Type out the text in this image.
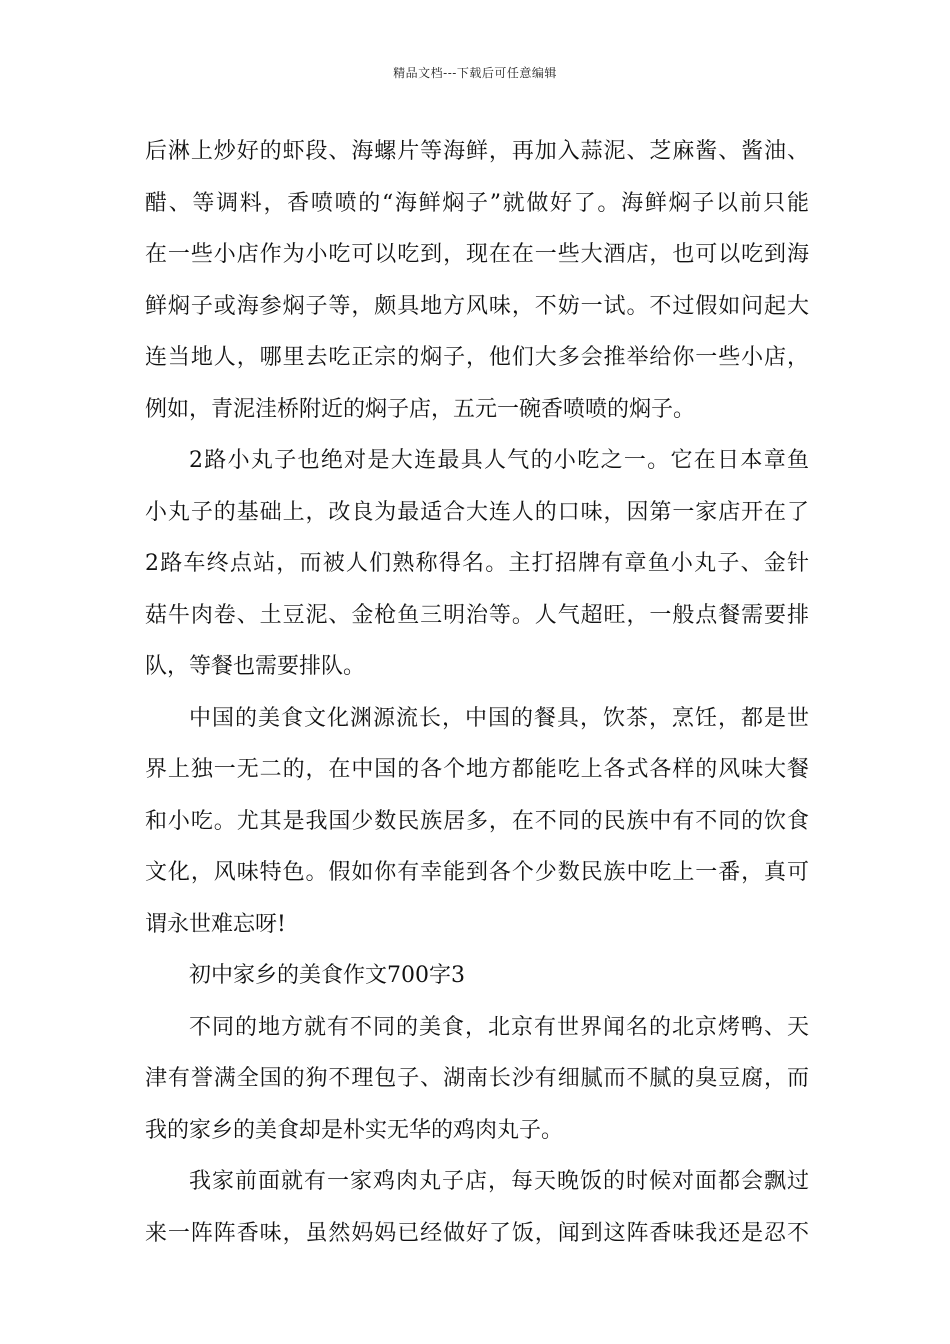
精品文档---下载后可任意编辑
后淋上炒好的虾段、海螺片等海鲜，再加入蒜泥、芝麻酱、酱油、
醋、等调料，香喷喷的“海鲜焖子”就做好了。海鲜焖子以前只能
在一些小店作为小吃可以吃到，现在在一些大酒店，也可以吃到海
鲜焖子或海参焖子等，颇具地方风味，不妨一试。不过假如问起大
连当地人，哪里去吃正宗的焖子，他们大多会推举给你一些小店，
例如，青泥洼桥附近的焖子店，五元一碗香喷喷的焖子。
2路小丸子也绝对是大连最具人气的小吃之一。它在日本章鱼
小丸子的基础上，改良为最适合大连人的口味，因第一家店开在了
2路车终点站，而被人们熟称得名。主打招牌有章鱼小丸子、金针
菇牛肉卷、土豆泥、金枪鱼三明治等。人气超旺，一般点餐需要排
队，等餐也需要排队。
中国的美食文化渊源流长，中国的餐具，饮茶，烹饪，都是世
界上独一无二的，在中国的各个地方都能吃上各式各样的风味大餐
和小吃。尤其是我国少数民族居多，在不同的民族中有不同的饮食
文化，风味特色。假如你有幸能到各个少数民族中吃上一番，真可
谓永世难忘呀!
初中家乡的美食作文700字3
不同的地方就有不同的美食，北京有世界闻名的北京烤鸭、天
津有誉满全国的狗不理包子、湖南长沙有细腻而不腻的臭豆腐，而
我的家乡的美食却是朴实无华的鸡肉丸子。
我家前面就有一家鸡肉丸子店，每天晚饭的时候对面都会飘过
来一阵阵香味，虽然妈妈已经做好了饭，闻到这阵香味我还是忍不
